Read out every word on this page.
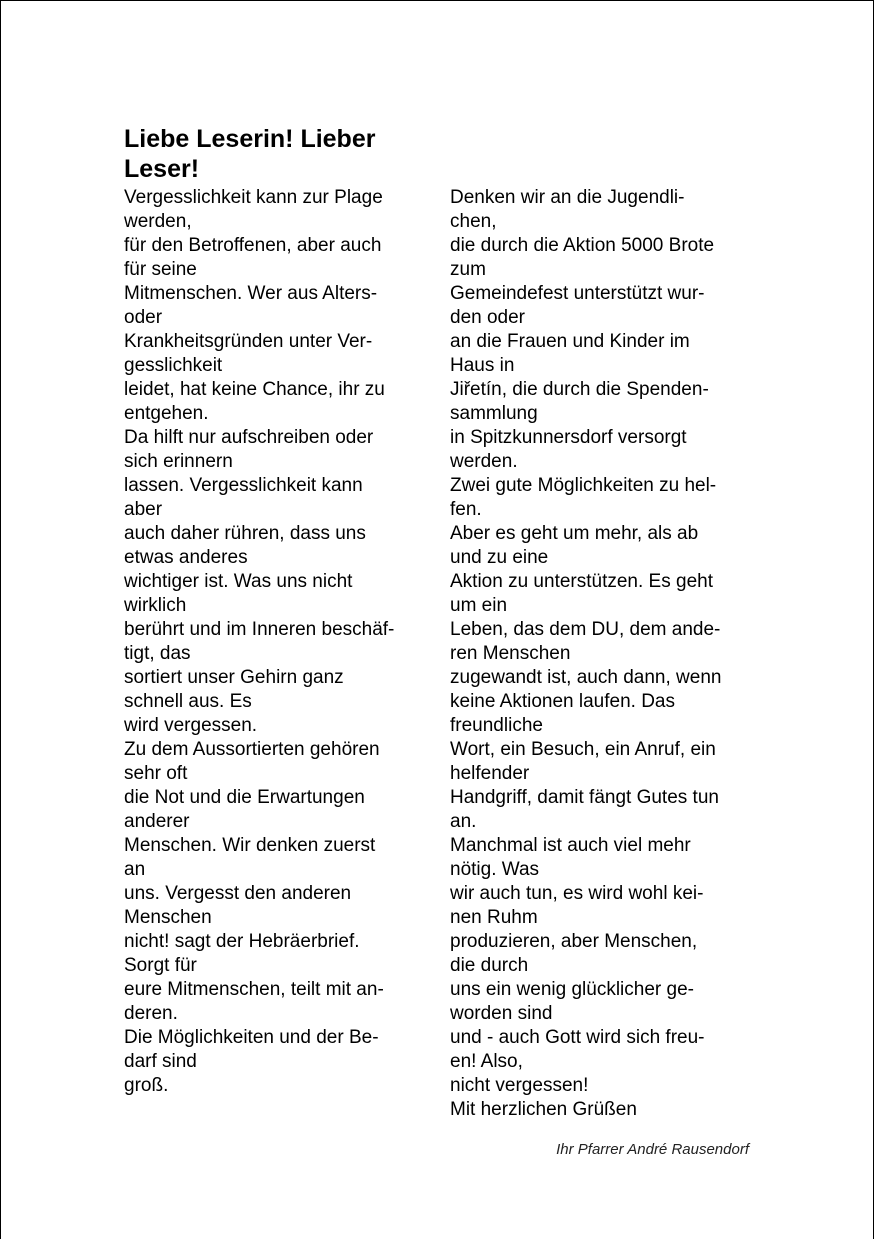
Liebe Leserin! Lieber
Leser!
Vergesslichkeit kann zur Plage
werden,
für den Betroffenen, aber auch
für seine
Mitmenschen. Wer aus Alters-
oder
Krankheitsgründen unter Ver-
gesslichkeit
leidet, hat keine Chance, ihr zu
entgehen.
Da hilft nur aufschreiben oder
sich erinnern
lassen. Vergesslichkeit kann
aber
auch daher rühren, dass uns
etwas anderes
wichtiger ist. Was uns nicht
wirklich
berührt und im Inneren beschäf-
tigt, das
sortiert unser Gehirn ganz
schnell aus. Es
wird vergessen.
Zu dem Aussortierten gehören
sehr oft
die Not und die Erwartungen
anderer
Menschen. Wir denken zuerst
an
uns. Vergesst den anderen
Menschen
nicht! sagt der Hebräerbrief.
Sorgt für
eure Mitmenschen, teilt mit an-
deren.
Die Möglichkeiten und der Be-
darf sind
groß.
Denken wir an die Jugendli-
chen,
die durch die Aktion 5000 Brote
zum
Gemeindefest unterstützt wur-
den oder
an die Frauen und Kinder im
Haus in
Jiřetín, die durch die Spenden-
sammlung
in Spitzkunnersdorf versorgt
werden.
Zwei gute Möglichkeiten zu hel-
fen.
Aber es geht um mehr, als ab
und zu eine
Aktion zu unterstützen. Es geht
um ein
Leben, das dem DU, dem ande-
ren Menschen
zugewandt ist, auch dann, wenn
keine Aktionen laufen. Das
freundliche
Wort, ein Besuch, ein Anruf, ein
helfender
Handgriff, damit fängt Gutes tun
an.
Manchmal ist auch viel mehr
nötig. Was
wir auch tun, es wird wohl kei-
nen Ruhm
produzieren, aber Menschen,
die durch
uns ein wenig glücklicher ge-
worden sind
und - auch Gott wird sich freu-
en! Also,
nicht vergessen!
Mit herzlichen Grüßen
Ihr Pfarrer André Rausendorf
